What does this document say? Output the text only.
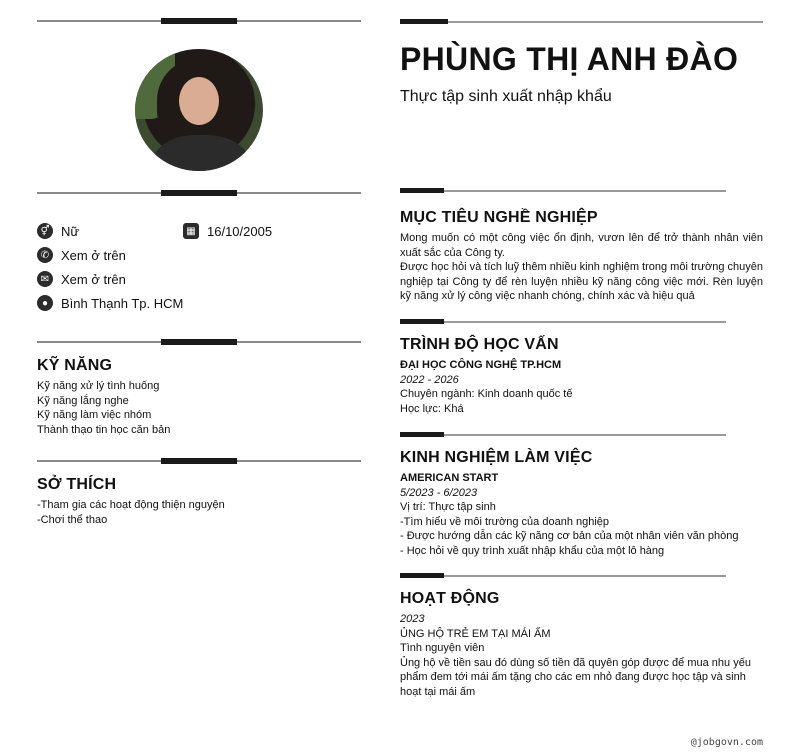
⚥ Nữ	▦ 16/10/2005
✆ Xem ở trên
✉ Xem ở trên
● Bình Thạnh Tp. HCM
KỸ NĂNG
Kỹ năng xử lý tình huống
Kỹ năng lắng nghe
Kỹ năng làm việc nhóm
Thành thạo tin học căn bản
SỞ THÍCH
-Tham gia các hoạt động thiện nguyện
-Chơi thể thao
PHÙNG THỊ ANH ĐÀO
Thực tập sinh xuất nhập khẩu
MỤC TIÊU NGHỀ NGHIỆP
Mong muốn có một công việc ổn định, vươn lên để trở thành nhân viên xuất sắc của Công ty.
Được học hỏi và tích luỹ thêm nhiều kinh nghiệm trong môi trường chuyên nghiệp tại Công ty để rèn luyện nhiều kỹ năng công việc mới. Rèn luyện kỹ năng xử lý công việc nhanh chóng, chính xác và hiệu quả
TRÌNH ĐỘ HỌC VẤN
ĐẠI HỌC CÔNG NGHỆ TP.HCM
2022 - 2026
Chuyên ngành: Kinh doanh quốc tế
Học lực: Khá
KINH NGHIỆM LÀM VIỆC
AMERICAN START
5/2023 - 6/2023
Vị trí: Thực tập sinh
-Tìm hiểu về môi trường của doanh nghiệp
- Được hướng dẫn các kỹ năng cơ bản của một nhân viên văn phòng
- Học hỏi về quy trình xuất nhập khẩu của một lô hàng
HOẠT ĐỘNG
2023
ỦNG HỘ TRẺ EM TẠI MÁI ẤM
Tình nguyện viên
Ủng hộ về tiền sau đó dùng số tiền đã quyên góp được để mua nhu yếu phẩm đem tới mái ấm tặng cho các em nhỏ đang được học tập và sinh hoạt tại mái ấm
@jobgovn.com
